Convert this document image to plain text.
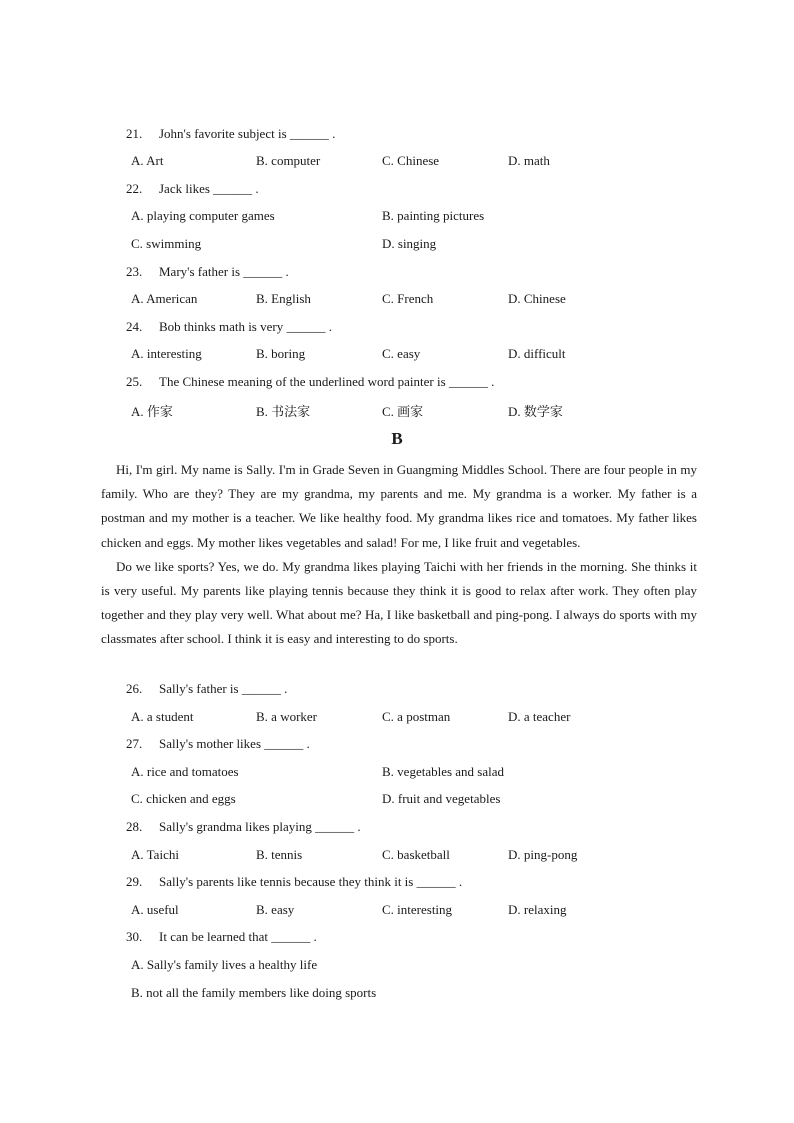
21. John's favorite subject is ______ .
A. Art	B. computer	C. Chinese	D. math
22. Jack likes ______ .
A. playing computer games	B. painting pictures
C. swimming	D. singing
23. Mary's father is ______ .
A. American	B. English	C. French	D. Chinese
24. Bob thinks math is very ______ .
A. interesting	B. boring	C. easy	D. difficult
25. The Chinese meaning of the underlined word painter is ______ .
A. 作家	B. 书法家	C. 画家	D. 数学家
B

Hi, I'm girl. My name is Sally. I'm in Grade Seven in Guangming Middles School. There are four people in my family. Who are they? They are my grandma, my parents and me. My grandma is a worker. My father is a postman and my mother is a teacher. We like healthy food. My grandma likes rice and tomatoes. My father likes chicken and eggs. My mother likes vegetables and salad! For me, I like fruit and vegetables.

Do we like sports? Yes, we do. My grandma likes playing Taichi with her friends in the morning. She thinks it is very useful. My parents like playing tennis because they think it is good to relax after work. They often play together and they play very well. What about me? Ha, I like basketball and ping-pong. I always do sports with my classmates after school. I think it is easy and interesting to do sports.

26. Sally's father is ______ .
A. a student	B. a worker	C. a postman	D. a teacher
27. Sally's mother likes ______ .
A. rice and tomatoes	B. vegetables and salad
C. chicken and eggs	D. fruit and vegetables
28. Sally's grandma likes playing ______ .
A. Taichi	B. tennis	C. basketball	D. ping-pong
29. Sally's parents like tennis because they think it is ______ .
A. useful	B. easy	C. interesting	D. relaxing
30. It can be learned that ______ .
A. Sally's family lives a healthy life
B. not all the family members like doing sports
